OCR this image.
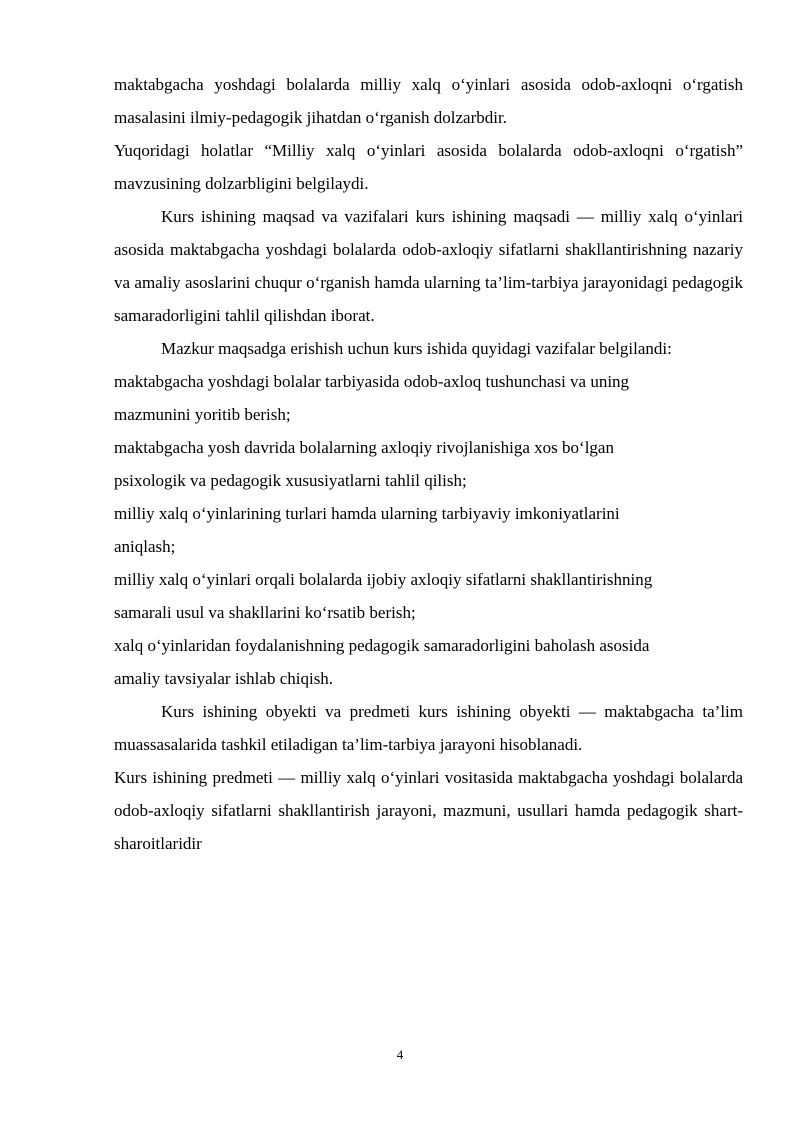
maktabgacha yoshdagi bolalarda milliy xalq o‘yinlari asosida odob-axloqni o‘rgatish masalasini ilmiy-pedagogik jihatdan o‘rganish dolzarbdir.

Yuqoridagi holatlar “Milliy xalq o‘yinlari asosida bolalarda odob-axloqni o‘rgatish” mavzusining dolzarbligini belgilaydi.

Kurs ishining maqsad va vazifalari kurs ishining maqsadi — milliy xalq o‘yinlari asosida maktabgacha yoshdagi bolalarda odob-axloqiy sifatlarni shakllantirishning nazariy va amaliy asoslarini chuqur o‘rganish hamda ularning ta’lim-tarbiya jarayonidagi pedagogik samaradorligini tahlil qilishdan iborat.

Mazkur maqsadga erishish uchun kurs ishida quyidagi vazifalar belgilandi:

maktabgacha yoshdagi bolalar tarbiyasida odob-axloq tushunchasi va uning mazmunini yoritib berish;

maktabgacha yosh davrida bolalarning axloqiy rivojlanishiga xos bo‘lgan psixologik va pedagogik xususiyatlarni tahlil qilish;

milliy xalq o‘yinlarining turlari hamda ularning tarbiyaviy imkoniyatlarini aniqlash;

milliy xalq o‘yinlari orqali bolalarda ijobiy axloqiy sifatlarni shakllantirishning samarali usul va shakllarini ko‘rsatib berish;

xalq o‘yinlaridan foydalanishning pedagogik samaradorligini baholash asosida amaliy tavsiyalar ishlab chiqish.

Kurs ishining obyekti va predmeti kurs ishining obyekti — maktabgacha ta’lim muassasalarida tashkil etiladigan ta’lim-tarbiya jarayoni hisoblanadi.

Kurs ishining predmeti — milliy xalq o‘yinlari vositasida maktabgacha yoshdagi bolalarda odob-axloqiy sifatlarni shakllantirish jarayoni, mazmuni, usullari hamda pedagogik shart-sharoitlaridir

4
